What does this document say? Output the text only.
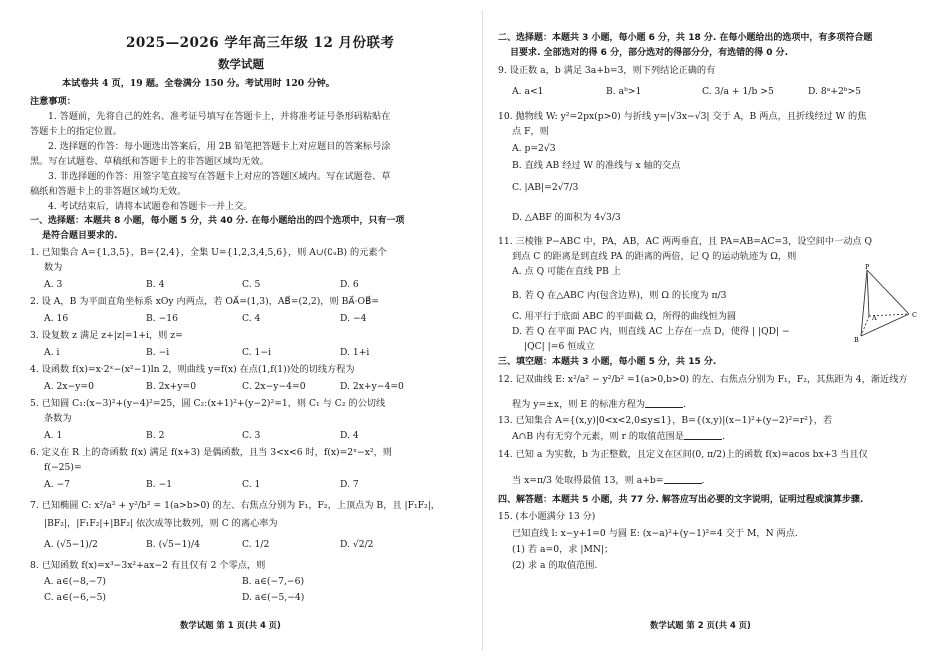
2025—2026 学年高三年级 12 月份联考
数学试题
本试卷共 4 页，19 题。全卷满分 150 分。考试用时 120 分钟。
注意事项：
1. 答题前，先将自己的姓名、准考证号填写在答题卡上，并将准考证号条形码粘贴在
答题卡上的指定位置。
2. 选择题的作答：每小题选出答案后，用 2B 铅笔把答题卡上对应题目的答案标号涂
黑。写在试题卷、草稿纸和答题卡上的非答题区域均无效。
3. 非选择题的作答：用签字笔直接写在答题卡上对应的答题区域内。写在试题卷、草
稿纸和答题卡上的非答题区域均无效。
4. 考试结束后，请将本试题卷和答题卡一并上交。
一、选择题：本题共 8 小题，每小题 5 分，共 40 分. 在每小题给出的四个选项中，只有一项
是符合题目要求的.
1. 已知集合 A={1,3,5}，B={2,4}，全集 U={1,2,3,4,5,6}，则 A∪(∁ᵤB) 的元素个
数为
A. 3	B. 4	C. 5	D. 6
2. 设 A，B 为平面直角坐标系 xOy 内两点，若 OA⃗=(1,3)，AB⃗=(2,2)，则 BA⃗·OB⃗=
A. 16	B. −16	C. 4	D. −4
3. 设复数 z 满足 z+|z|=1+i，则 z=
A. i	B. −i	C. 1−i	D. 1+i
4. 设函数 f(x)=x·2ˣ−(x²−1)ln 2，则曲线 y=f(x) 在点(1,f(1))处的切线方程为
A. 2x−y=0	B. 2x+y=0	C. 2x−y−4=0	D. 2x+y−4=0
5. 已知圆 C₁:(x−3)²+(y−4)²=25，圆 C₂:(x+1)²+(y−2)²=1，则 C₁ 与 C₂ 的公切线
条数为
A. 1	B. 2	C. 3	D. 4
6. 定义在 R 上的奇函数 f(x) 满足 f(x+3) 是偶函数，且当 3<x<6 时，f(x)=2ˣ−x²，则
f(−25)=
A. −7	B. −1	C. 1	D. 7
7. 已知椭圆 C: x²/a² + y²/b² = 1(a>b>0) 的左、右焦点分别为 F₁，F₂，上顶点为 B，且 |F₁F₂|，
|BF₂|，|F₁F₂|+|BF₂| 依次成等比数列，则 C 的离心率为
A. (√5−1)/2	B. (√5−1)/4	C. 1/2	D. √2/2
8. 已知函数 f(x)=x³−3x²+ax−2 有且仅有 2 个零点，则
A. a∈(−8,−7)	B. a∈(−7,−6)
C. a∈(−6,−5)	D. a∈(−5,−4)
数学试题 第 1 页(共 4 页)
二、选择题：本题共 3 小题，每小题 6 分，共 18 分. 在每小题给出的选项中，有多项符合题
目要求. 全部选对的得 6 分，部分选对的得部分分，有选错的得 0 分.
9. 设正数 a，b 满足 3a+b=3，则下列结论正确的有
A. a<1	B. aᵇ>1	C. 3/a + 1/b >5	D. 8ᵃ+2ᵇ>5
10. 抛物线 W: y²=2px(p>0) 与折线 y=|√3x−√3| 交于 A，B 两点，且折线经过 W 的焦
点 F，则
A. p=2√3
B. 直线 AB 经过 W 的准线与 x 轴的交点
C. |AB|=2√7/3
D. △ABF 的面积为 4√3/3
11. 三棱锥 P−ABC 中，PA，AB，AC 两两垂直，且 PA=AB=AC=3，设空间中一动点 Q
到点 C 的距离是到直线 PA 的距离的两倍，记 Q 的运动轨迹为 Ω，则
A. 点 Q 可能在直线 PB 上
B. 若 Q 在△ABC 内(包含边界)，则 Ω 的长度为 π/3
C. 用平行于底面 ABC 的平面截 Ω，所得的曲线恒为圆
D. 若 Q 在平面 PAC 内，则直线 AC 上存在一点 D，使得 | |QD| −
|QC| |=6 恒成立
P
A
B
C
三、填空题：本题共 3 小题，每小题 5 分，共 15 分.
12. 记双曲线 E: x²/a² − y²/b² =1(a>0,b>0) 的左、右焦点分别为 F₁，F₂，其焦距为 4，渐近线方
程为 y=±x，则 E 的标准方程为	.
13. 已知集合 A={(x,y)|0<x<2,0≤y≤1}，B={(x,y)|(x−1)²+(y−2)²=r²}，若
A∩B 内有无穷个元素，则 r 的取值范围是	.
14. 已知 a 为实数，b 为正整数，且定义在区间(0, π/2)上的函数 f(x)=acos bx+3 当且仅
当 x=π/3 处取得最值 13，则 a+b=	.
四、解答题：本题共 5 小题，共 77 分. 解答应写出必要的文字说明，证明过程或演算步骤.
15. (本小题满分 13 分)
已知直线 l: x−y+1=0 与圆 E: (x−a)²+(y−1)²=4 交于 M，N 两点.
(1) 若 a=0，求 |MN|；
(2) 求 a 的取值范围.
数学试题 第 2 页(共 4 页)
